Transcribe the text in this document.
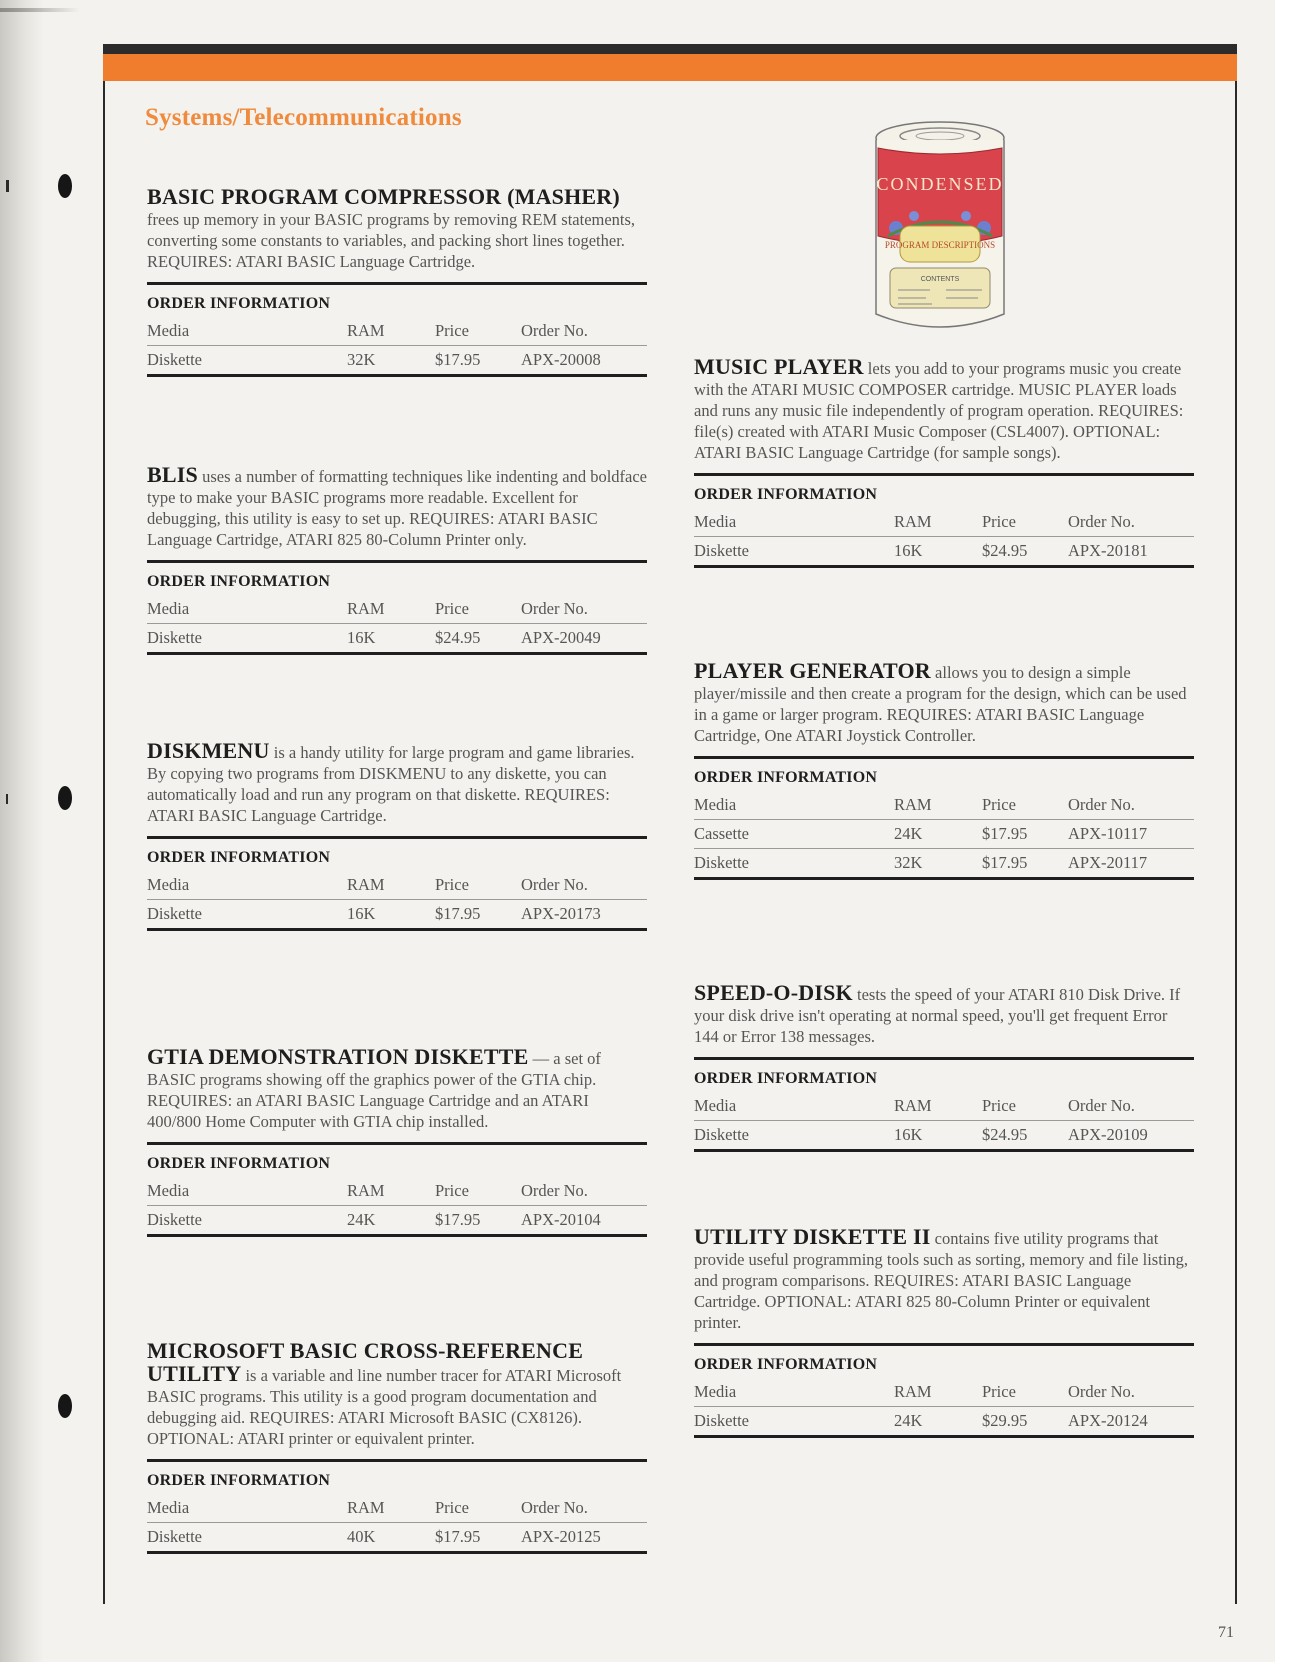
Systems/Telecommunications
CONDENSED
PROGRAM DESCRIPTIONS
CONTENTS

BASIC PROGRAM COMPRESSOR (MASHER) frees up memory in your BASIC programs by removing REM statements, converting some constants to variables, and packing short lines together. REQUIRES: ATARI BASIC Language Cartridge.

ORDER INFORMATION
Media	RAM	Price	Order No.
Diskette	32K	$17.95	APX-20008

BLIS uses a number of formatting techniques like indenting and boldface type to make your BASIC programs more readable. Excellent for debugging, this utility is easy to set up. REQUIRES: ATARI BASIC Language Cartridge, ATARI 825 80-Column Printer only.

ORDER INFORMATION
Media	RAM	Price	Order No.
Diskette	16K	$24.95	APX-20049

DISKMENU is a handy utility for large program and game libraries. By copying two programs from DISKMENU to any diskette, you can automatically load and run any program on that diskette. REQUIRES: ATARI BASIC Language Cartridge.

ORDER INFORMATION
Media	RAM	Price	Order No.
Diskette	16K	$17.95	APX-20173

GTIA DEMONSTRATION DISKETTE — a set of BASIC programs showing off the graphics power of the GTIA chip. REQUIRES: an ATARI BASIC Language Cartridge and an ATARI 400/800 Home Computer with GTIA chip installed.

ORDER INFORMATION
Media	RAM	Price	Order No.
Diskette	24K	$17.95	APX-20104

MICROSOFT BASIC CROSS-REFERENCE UTILITY is a variable and line number tracer for ATARI Microsoft BASIC programs. This utility is a good program documentation and debugging aid. REQUIRES: ATARI Microsoft BASIC (CX8126). OPTIONAL: ATARI printer or equivalent printer.

ORDER INFORMATION
Media	RAM	Price	Order No.
Diskette	40K	$17.95	APX-20125

MUSIC PLAYER lets you add to your programs music you create with the ATARI MUSIC COMPOSER cartridge. MUSIC PLAYER loads and runs any music file independently of program operation. REQUIRES: file(s) created with ATARI Music Composer (CSL4007). OPTIONAL: ATARI BASIC Language Cartridge (for sample songs).

ORDER INFORMATION
Media	RAM	Price	Order No.
Diskette	16K	$24.95	APX-20181

PLAYER GENERATOR allows you to design a simple player/missile and then create a program for the design, which can be used in a game or larger program. REQUIRES: ATARI BASIC Language Cartridge, One ATARI Joystick Controller.

ORDER INFORMATION
Media	RAM	Price	Order No.
Cassette	24K	$17.95	APX-10117
Diskette	32K	$17.95	APX-20117

SPEED-O-DISK tests the speed of your ATARI 810 Disk Drive. If your disk drive isn't operating at normal speed, you'll get frequent Error 144 or Error 138 messages.

ORDER INFORMATION
Media	RAM	Price	Order No.
Diskette	16K	$24.95	APX-20109

UTILITY DISKETTE II contains five utility programs that provide useful programming tools such as sorting, memory and file listing, and program comparisons. REQUIRES: ATARI BASIC Language Cartridge. OPTIONAL: ATARI 825 80-Column Printer or equivalent printer.

ORDER INFORMATION
Media	RAM	Price	Order No.
Diskette	24K	$29.95	APX-20124

71
